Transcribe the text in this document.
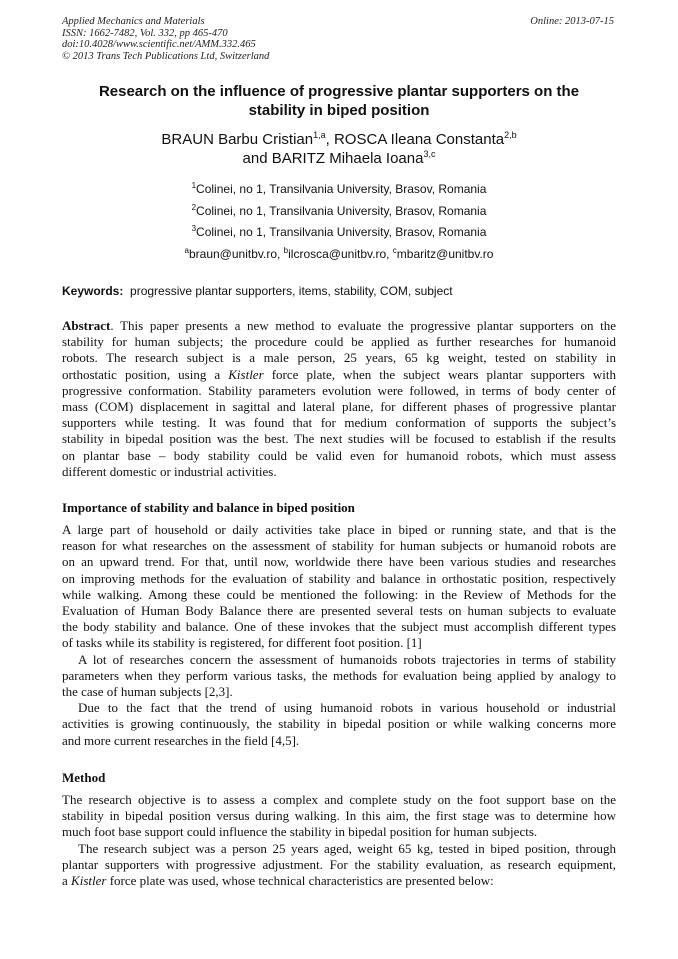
Applied Mechanics and Materials
ISSN: 1662-7482, Vol. 332, pp 465-470
doi:10.4028/www.scientific.net/AMM.332.465
© 2013 Trans Tech Publications Ltd, Switzerland
Online: 2013-07-15
Research on the influence of progressive plantar supporters on the
stability in biped position
BRAUN Barbu Cristian$^{1,a}$, ROSCA Ileana Constanta$^{2,b}$
and BARITZ Mihaela Ioana$^{3,c}$
$^1$Colinei, no 1, Transilvania University, Brasov, Romania
$^2$Colinei, no 1, Transilvania University, Brasov, Romania
$^3$Colinei, no 1, Transilvania University, Brasov, Romania
$^a$braun@unitbv.ro, $^b$ilcrosca@unitbv.ro, $^c$mbaritz@unitbv.ro
Keywords: progressive plantar supporters, items, stability, COM, subject
Abstract. This paper presents a new method to evaluate the progressive plantar supporters on the
stability for human subjects; the procedure could be applied as further researches for humanoid
robots. The research subject is a male person, 25 years, 65 kg weight, tested on stability in
orthostatic position, using a Kistler force plate, when the subject wears plantar supporters with
progressive conformation. Stability parameters evolution were followed, in terms of body center of
mass (COM) displacement in sagittal and lateral plane, for different phases of progressive plantar
supporters while testing. It was found that for medium conformation of supports the subject’s
stability in bipedal position was the best. The next studies will be focused to establish if the results
on plantar base – body stability could be valid even for humanoid robots, which must assess
different domestic or industrial activities.
Importance of stability and balance in biped position
A large part of household or daily activities take place in biped or running state, and that is the
reason for what researches on the assessment of stability for human subjects or humanoid robots are
on an upward trend. For that, until now, worldwide there have been various studies and researches
on improving methods for the evaluation of stability and balance in orthostatic position, respectively
while walking. Among these could be mentioned the following: in the Review of Methods for the
Evaluation of Human Body Balance there are presented several tests on human subjects to evaluate
the body stability and balance. One of these invokes that the subject must accomplish different types
of tasks while its stability is registered, for different foot position. [1]
A lot of researches concern the assessment of humanoids robots trajectories in terms of stability
parameters when they perform various tasks, the methods for evaluation being applied by analogy to
the case of human subjects [2,3].
Due to the fact that the trend of using humanoid robots in various household or industrial
activities is growing continuously, the stability in bipedal position or while walking concerns more
and more current researches in the field [4,5].
Method
The research objective is to assess a complex and complete study on the foot support base on the
stability in bipedal position versus during walking. In this aim, the first stage was to determine how
much foot base support could influence the stability in bipedal position for human subjects.
The research subject was a person 25 years aged, weight 65 kg, tested in biped position, through
plantar supporters with progressive adjustment. For the stability evaluation, as research equipment,
a Kistler force plate was used, whose technical characteristics are presented below:
